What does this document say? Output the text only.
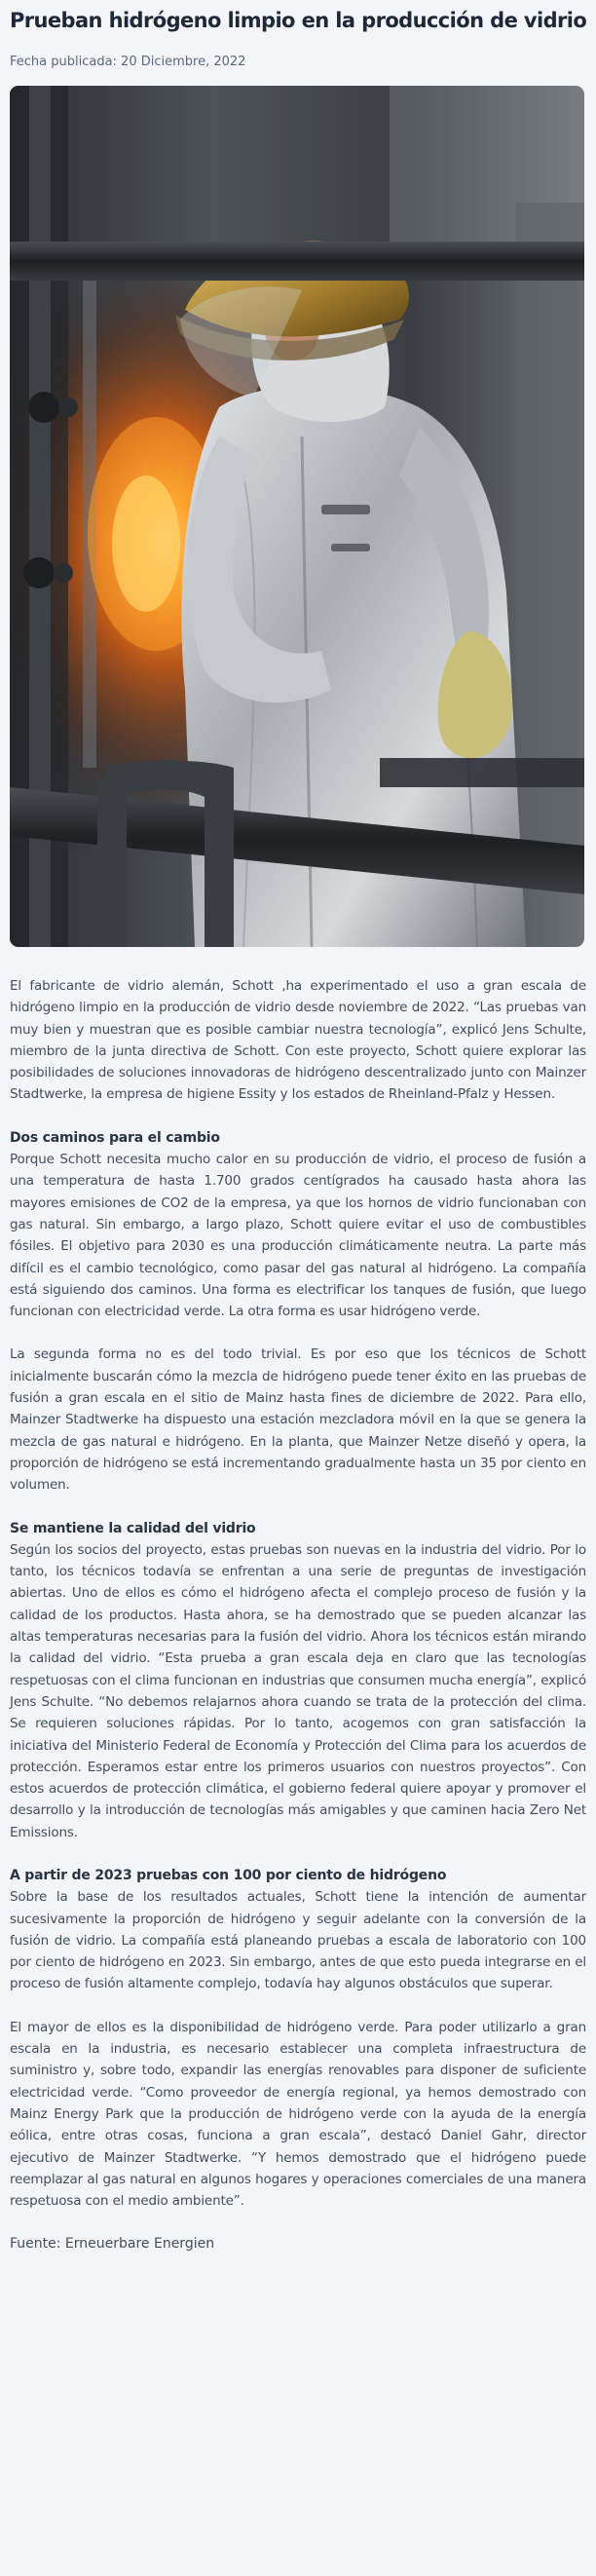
Prueban hidrógeno limpio en la producción de vidrio
Fecha publicada: 20 Diciembre, 2022

El fabricante de vidrio alemán, Schott ,ha experimentado el uso a gran escala de hidrógeno limpio en la producción de vidrio desde noviembre de 2022. “Las pruebas van muy bien y muestran que es posible cambiar nuestra tecnología”, explicó Jens Schulte, miembro de la junta directiva de Schott. Con este proyecto, Schott quiere explorar las posibilidades de soluciones innovadoras de hidrógeno descentralizado junto con Mainzer Stadtwerke, la empresa de higiene Essity y los estados de Rheinland-Pfalz y Hessen.

Dos caminos para el cambio

Porque Schott necesita mucho calor en su producción de vidrio, el proceso de fusión a una temperatura de hasta 1.700 grados centígrados ha causado hasta ahora las mayores emisiones de CO2 de la empresa, ya que los hornos de vidrio funcionaban con gas natural. Sin embargo, a largo plazo, Schott quiere evitar el uso de combustibles fósiles. El objetivo para 2030 es una producción climáticamente neutra. La parte más difícil es el cambio tecnológico, como pasar del gas natural al hidrógeno. La compañía está siguiendo dos caminos. Una forma es electrificar los tanques de fusión, que luego funcionan con electricidad verde. La otra forma es usar hidrógeno verde.

La segunda forma no es del todo trivial. Es por eso que los técnicos de Schott inicialmente buscarán cómo la mezcla de hidrógeno puede tener éxito en las pruebas de fusión a gran escala en el sitio de Mainz hasta fines de diciembre de 2022. Para ello, Mainzer Stadtwerke ha dispuesto una estación mezcladora móvil en la que se genera la mezcla de gas natural e hidrógeno. En la planta, que Mainzer Netze diseñó y opera, la proporción de hidrógeno se está incrementando gradualmente hasta un 35 por ciento en volumen.

Se mantiene la calidad del vidrio

Según los socios del proyecto, estas pruebas son nuevas en la industria del vidrio. Por lo tanto, los técnicos todavía se enfrentan a una serie de preguntas de investigación abiertas. Uno de ellos es cómo el hidrógeno afecta el complejo proceso de fusión y la calidad de los productos. Hasta ahora, se ha demostrado que se pueden alcanzar las altas temperaturas necesarias para la fusión del vidrio. Ahora los técnicos están mirando la calidad del vidrio. “Esta prueba a gran escala deja en claro que las tecnologías respetuosas con el clima funcionan en industrias que consumen mucha energía”, explicó Jens Schulte. “No debemos relajarnos ahora cuando se trata de la protección del clima. Se requieren soluciones rápidas. Por lo tanto, acogemos con gran satisfacción la iniciativa del Ministerio Federal de Economía y Protección del Clima para los acuerdos de protección. Esperamos estar entre los primeros usuarios con nuestros proyectos”. Con estos acuerdos de protección climática, el gobierno federal quiere apoyar y promover el desarrollo y la introducción de tecnologías más amigables y que caminen hacia Zero Net Emissions.

A partir de 2023 pruebas con 100 por ciento de hidrógeno

Sobre la base de los resultados actuales, Schott tiene la intención de aumentar sucesivamente la proporción de hidrógeno y seguir adelante con la conversión de la fusión de vidrio. La compañía está planeando pruebas a escala de laboratorio con 100 por ciento de hidrógeno en 2023. Sin embargo, antes de que esto pueda integrarse en el proceso de fusión altamente complejo, todavía hay algunos obstáculos que superar.

El mayor de ellos es la disponibilidad de hidrógeno verde. Para poder utilizarlo a gran escala en la industria, es necesario establecer una completa infraestructura de suministro y, sobre todo, expandir las energías renovables para disponer de suficiente electricidad verde. “Como proveedor de energía regional, ya hemos demostrado con Mainz Energy Park que la producción de hidrógeno verde con la ayuda de la energía eólica, entre otras cosas, funciona a gran escala”, destacó Daniel Gahr, director ejecutivo de Mainzer Stadtwerke. “Y hemos demostrado que el hidrógeno puede reemplazar al gas natural en algunos hogares y operaciones comerciales de una manera respetuosa con el medio ambiente”.

Fuente: Erneuerbare Energien
